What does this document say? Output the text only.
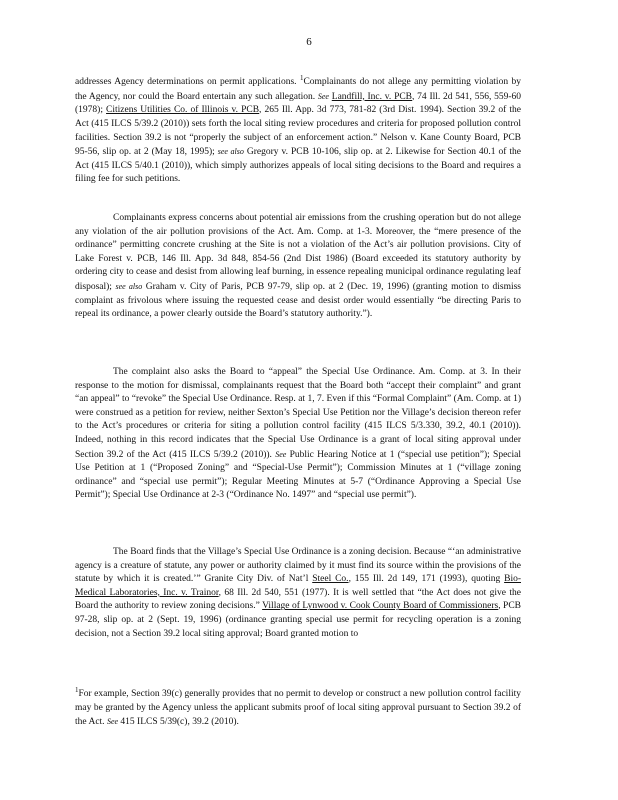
6

addresses Agency determinations on permit applications. $^1$Complainants do not allege any permitting violation by the Agency, nor could the Board entertain any such allegation. See Landfill, Inc. v. PCB, 74 Ill. 2d 541, 556, 559-60 (1978); Citizens Utilities Co. of Illinois v. PCB, 265 Ill. App. 3d 773, 781-82 (3rd Dist. 1994). Section 39.2 of the Act (415 ILCS 5/39.2 (2010)) sets forth the local siting review procedures and criteria for proposed pollution control facilities. Section 39.2 is not “properly the subject of an enforcement action.” Nelson v. Kane County Board, PCB 95-56, slip op. at 2 (May 18, 1995); see also Gregory v. PCB 10-106, slip op. at 2. Likewise for Section 40.1 of the Act (415 ILCS 5/40.1 (2010)), which simply authorizes appeals of local siting decisions to the Board and requires a filing fee for such petitions.

Complainants express concerns about potential air emissions from the crushing operation but do not allege any violation of the air pollution provisions of the Act. Am. Comp. at 1-3. Moreover, the “mere presence of the ordinance” permitting concrete crushing at the Site is not a violation of the Act’s air pollution provisions. City of Lake Forest v. PCB, 146 Ill. App. 3d 848, 854-56 (2nd Dist 1986) (Board exceeded its statutory authority by ordering city to cease and desist from allowing leaf burning, in essence repealing municipal ordinance regulating leaf disposal); see also Graham v. City of Paris, PCB 97-79, slip op. at 2 (Dec. 19, 1996) (granting motion to dismiss complaint as frivolous where issuing the requested cease and desist order would essentially “be directing Paris to repeal its ordinance, a power clearly outside the Board’s statutory authority.”).

The complaint also asks the Board to “appeal” the Special Use Ordinance. Am. Comp. at 3. In their response to the motion for dismissal, complainants request that the Board both “accept their complaint” and grant “an appeal” to “revoke” the Special Use Ordinance. Resp. at 1, 7. Even if this “Formal Complaint” (Am. Comp. at 1) were construed as a petition for review, neither Sexton’s Special Use Petition nor the Village’s decision thereon refer to the Act’s procedures or criteria for siting a pollution control facility (415 ILCS 5/3.330, 39.2, 40.1 (2010)). Indeed, nothing in this record indicates that the Special Use Ordinance is a grant of local siting approval under Section 39.2 of the Act (415 ILCS 5/39.2 (2010)). See Public Hearing Notice at 1 (“special use petition”); Special Use Petition at 1 (“Proposed Zoning” and “Special-Use Permit”); Commission Minutes at 1 (“village zoning ordinance” and “special use permit”); Regular Meeting Minutes at 5-7 (“Ordinance Approving a Special Use Permit”); Special Use Ordinance at 2-3 (“Ordinance No. 1497” and “special use permit”).

The Board finds that the Village’s Special Use Ordinance is a zoning decision. Because “‘an administrative agency is a creature of statute, any power or authority claimed by it must find its source within the provisions of the statute by which it is created.’” Granite City Div. of Nat’l Steel Co., 155 Ill. 2d 149, 171 (1993), quoting Bio-Medical Laboratories, Inc. v. Trainor, 68 Ill. 2d 540, 551 (1977). It is well settled that “the Act does not give the Board the authority to review zoning decisions.” Village of Lynwood v. Cook County Board of Commissioners, PCB 97-28, slip op. at 2 (Sept. 19, 1996) (ordinance granting special use permit for recycling operation is a zoning decision, not a Section 39.2 local siting approval; Board granted motion to

$^1$For example, Section 39(c) generally provides that no permit to develop or construct a new pollution control facility may be granted by the Agency unless the applicant submits proof of local siting approval pursuant to Section 39.2 of the Act. See 415 ILCS 5/39(c), 39.2 (2010).
